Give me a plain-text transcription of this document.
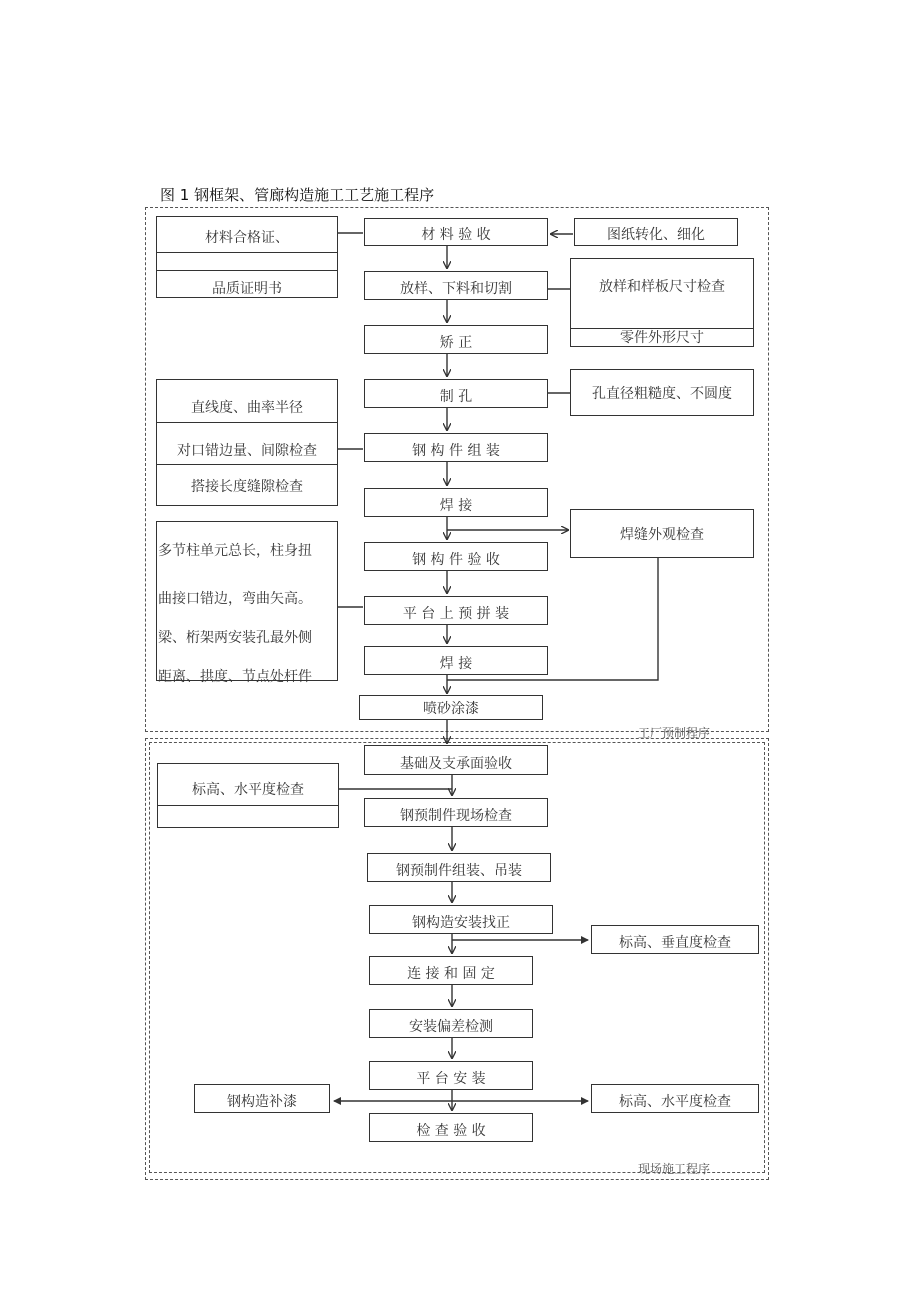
图 1 钢框架、管廊构造施工工艺施工程序
工厂预制程序
现场施工程序
材 料 验 收
放样、下料和切割
矫 正
制 孔
钢 构 件 组 装
焊 接
钢 构 件 验 收
平 台 上 预 拼 装
焊 接
喷砂涂漆
材料合格证、
品质证明书
直线度、曲率半径
对口错边量、间隙检查
搭接长度缝隙检查
多节柱单元总长，柱身扭
曲接口错边，弯曲矢高。
梁、桁架两安装孔最外侧
距离、拱度、节点处杆件
图纸转化、细化
放样和样板尺寸检查
零件外形尺寸
孔直径粗糙度、不圆度
焊缝外观检查
基础及支承面验收
钢预制件现场检查
钢预制件组装、吊装
钢构造安装找正
连 接 和 固 定
安装偏差检测
平 台 安 装
检 查 验 收
标高、水平度检查
标高、垂直度检查
标高、水平度检查
钢构造补漆
